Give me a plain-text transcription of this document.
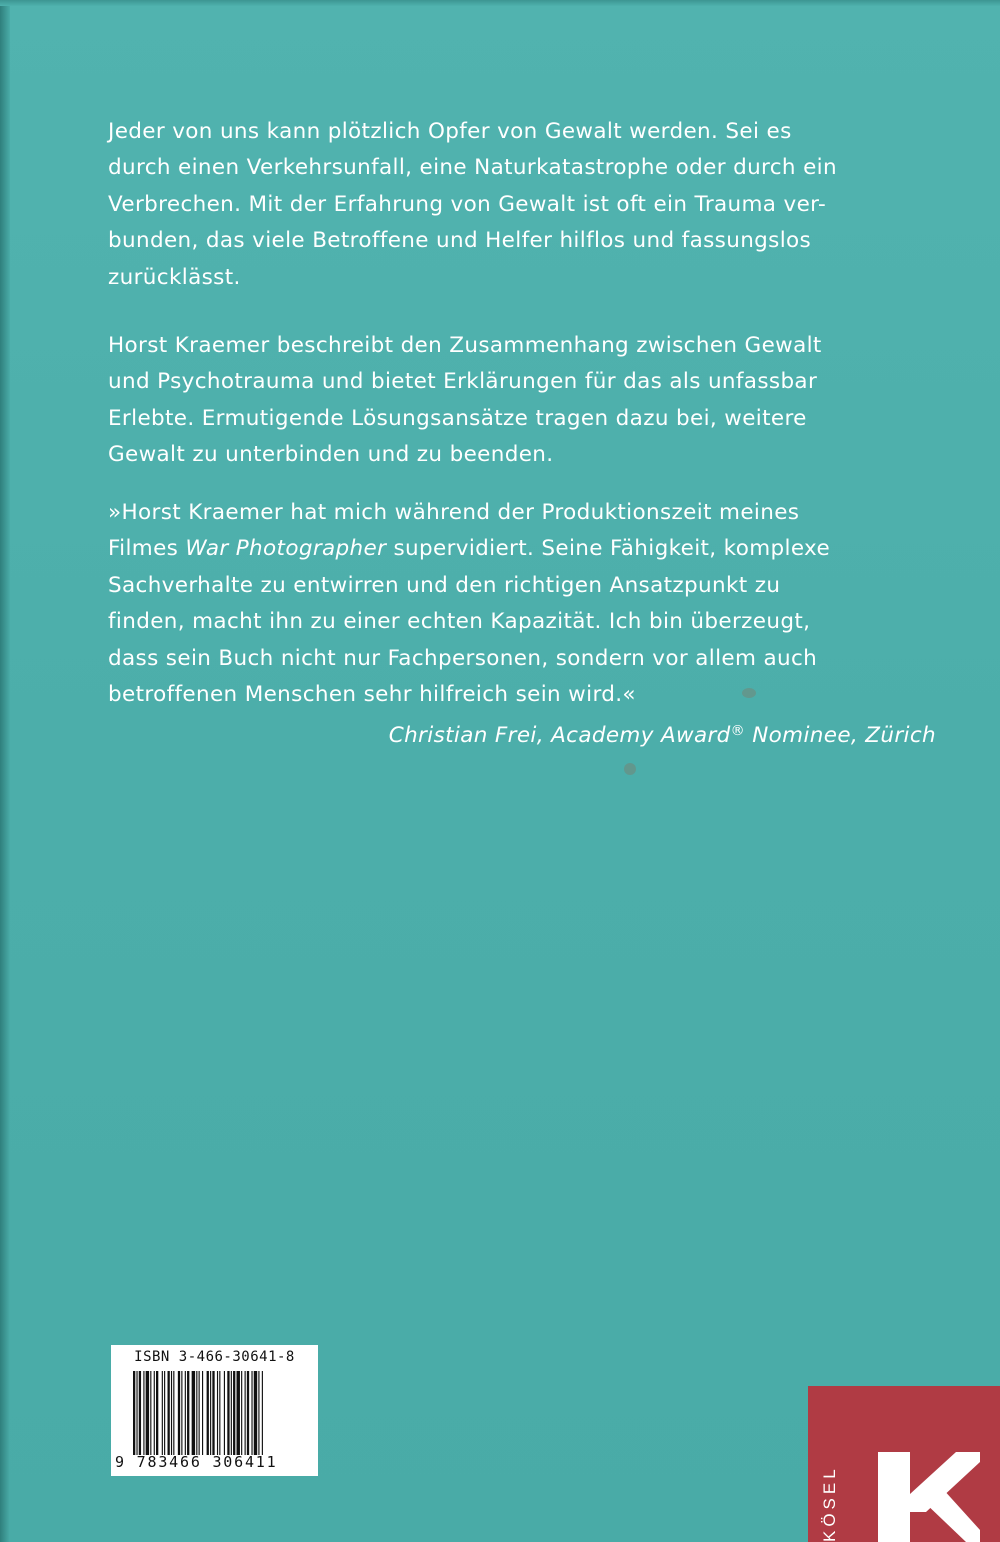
Jeder von uns kann plötzlich Opfer von Gewalt werden. Sei es
durch einen Verkehrsunfall, eine Naturkatastrophe oder durch ein
Verbrechen. Mit der Erfahrung von Gewalt ist oft ein Trauma ver-
bunden, das viele Betroffene und Helfer hilflos und fassungslos
zurücklässt.
Horst Kraemer beschreibt den Zusammenhang zwischen Gewalt
und Psychotrauma und bietet Erklärungen für das als unfassbar
Erlebte. Ermutigende Lösungsansätze tragen dazu bei, weitere
Gewalt zu unterbinden und zu beenden.
»Horst Kraemer hat mich während der Produktionszeit meines
Filmes War Photographer supervidiert. Seine Fähigkeit, komplexe
Sachverhalte zu entwirren und den richtigen Ansatzpunkt zu
finden, macht ihn zu einer echten Kapazität. Ich bin überzeugt,
dass sein Buch nicht nur Fachpersonen, sondern vor allem auch
betroffenen Menschen sehr hilfreich sein wird.«
Christian Frei, Academy Award® Nominee, Zürich
ISBN 3-466-30641-8
9 783466 306411
KÖSEL
